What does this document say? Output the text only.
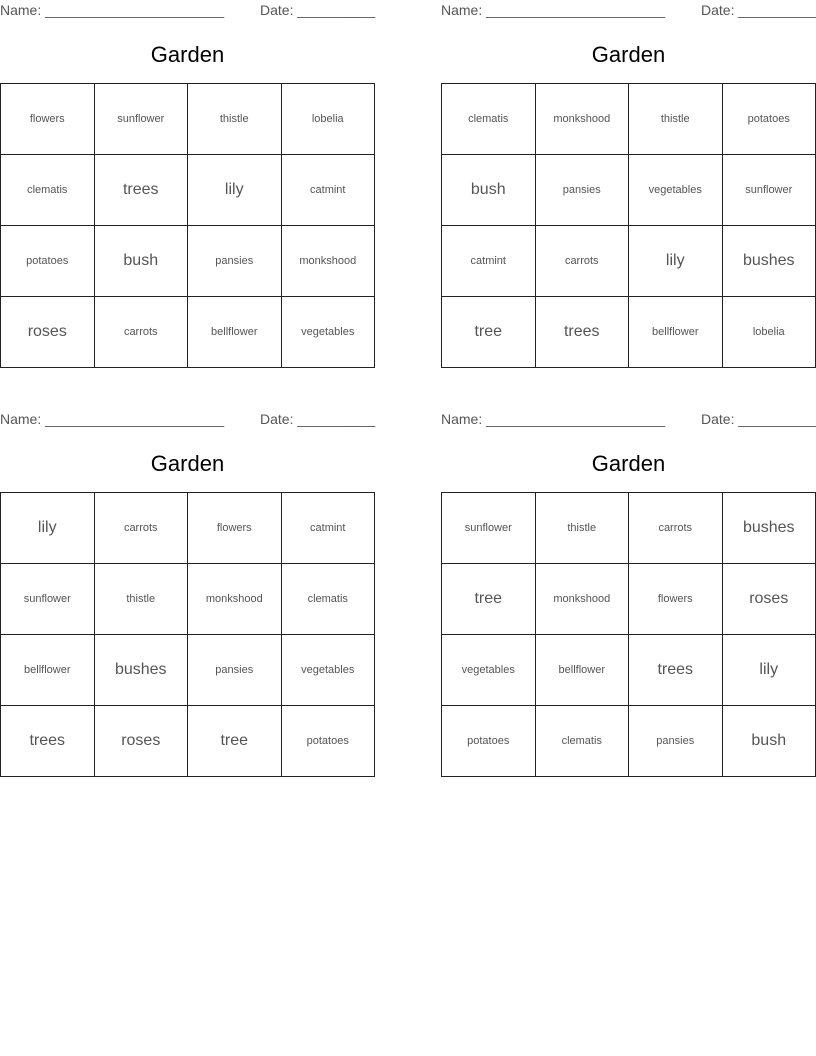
Name: _______________________	Date: __________
Garden
flowers	sunflower	thistle	lobelia
clematis	trees	lily	catmint
potatoes	bush	pansies	monkshood
roses	carrots	bellflower	vegetables
Name: _______________________	Date: __________
Garden
clematis	monkshood	thistle	potatoes
bush	pansies	vegetables	sunflower
catmint	carrots	lily	bushes
tree	trees	bellflower	lobelia
Name: _______________________	Date: __________
Garden
lily	carrots	flowers	catmint
sunflower	thistle	monkshood	clematis
bellflower	bushes	pansies	vegetables
trees	roses	tree	potatoes
Name: _______________________	Date: __________
Garden
sunflower	thistle	carrots	bushes
tree	monkshood	flowers	roses
vegetables	bellflower	trees	lily
potatoes	clematis	pansies	bush
